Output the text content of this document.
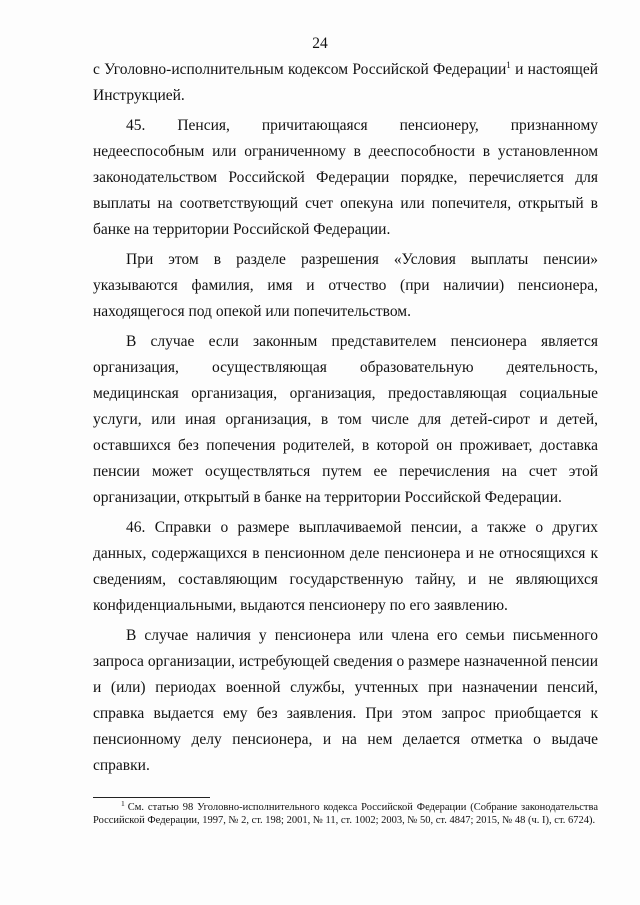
24

с Уголовно-исполнительным кодексом Российской Федерации$^1$ и настоящей Инструкцией.

45. Пенсия, причитающаяся пенсионеру, признанному недееспособным или ограниченному в дееспособности в установленном законодательством Российской Федерации порядке, перечисляется для выплаты на соответствующий счет опекуна или попечителя, открытый в банке на территории Российской Федерации.

При этом в разделе разрешения «Условия выплаты пенсии» указываются фамилия, имя и отчество (при наличии) пенсионера, находящегося под опекой или попечительством.

В случае если законным представителем пенсионера является организация, осуществляющая образовательную деятельность, медицинская организация, организация, предоставляющая социальные услуги, или иная организация, в том числе для детей-сирот и детей, оставшихся без попечения родителей, в которой он проживает, доставка пенсии может осуществляться путем ее перечисления на счет этой организации, открытый в банке на территории Российской Федерации.

46. Справки о размере выплачиваемой пенсии, а также о других данных, содержащихся в пенсионном деле пенсионера и не относящихся к сведениям, составляющим государственную тайну, и не являющихся конфиденциальными, выдаются пенсионеру по его заявлению.

В случае наличия у пенсионера или члена его семьи письменного запроса организации, истребующей сведения о размере назначенной пенсии и (или) периодах военной службы, учтенных при назначении пенсий, справка выдается ему без заявления. При этом запрос приобщается к пенсионному делу пенсионера, и на нем делается отметка о выдаче справки.

$^1$ См. статью 98 Уголовно-исполнительного кодекса Российской Федерации (Собрание законодательства Российской Федерации, 1997, № 2, ст. 198; 2001, № 11, ст. 1002; 2003, № 50, ст. 4847; 2015, № 48 (ч. I), ст. 6724).
